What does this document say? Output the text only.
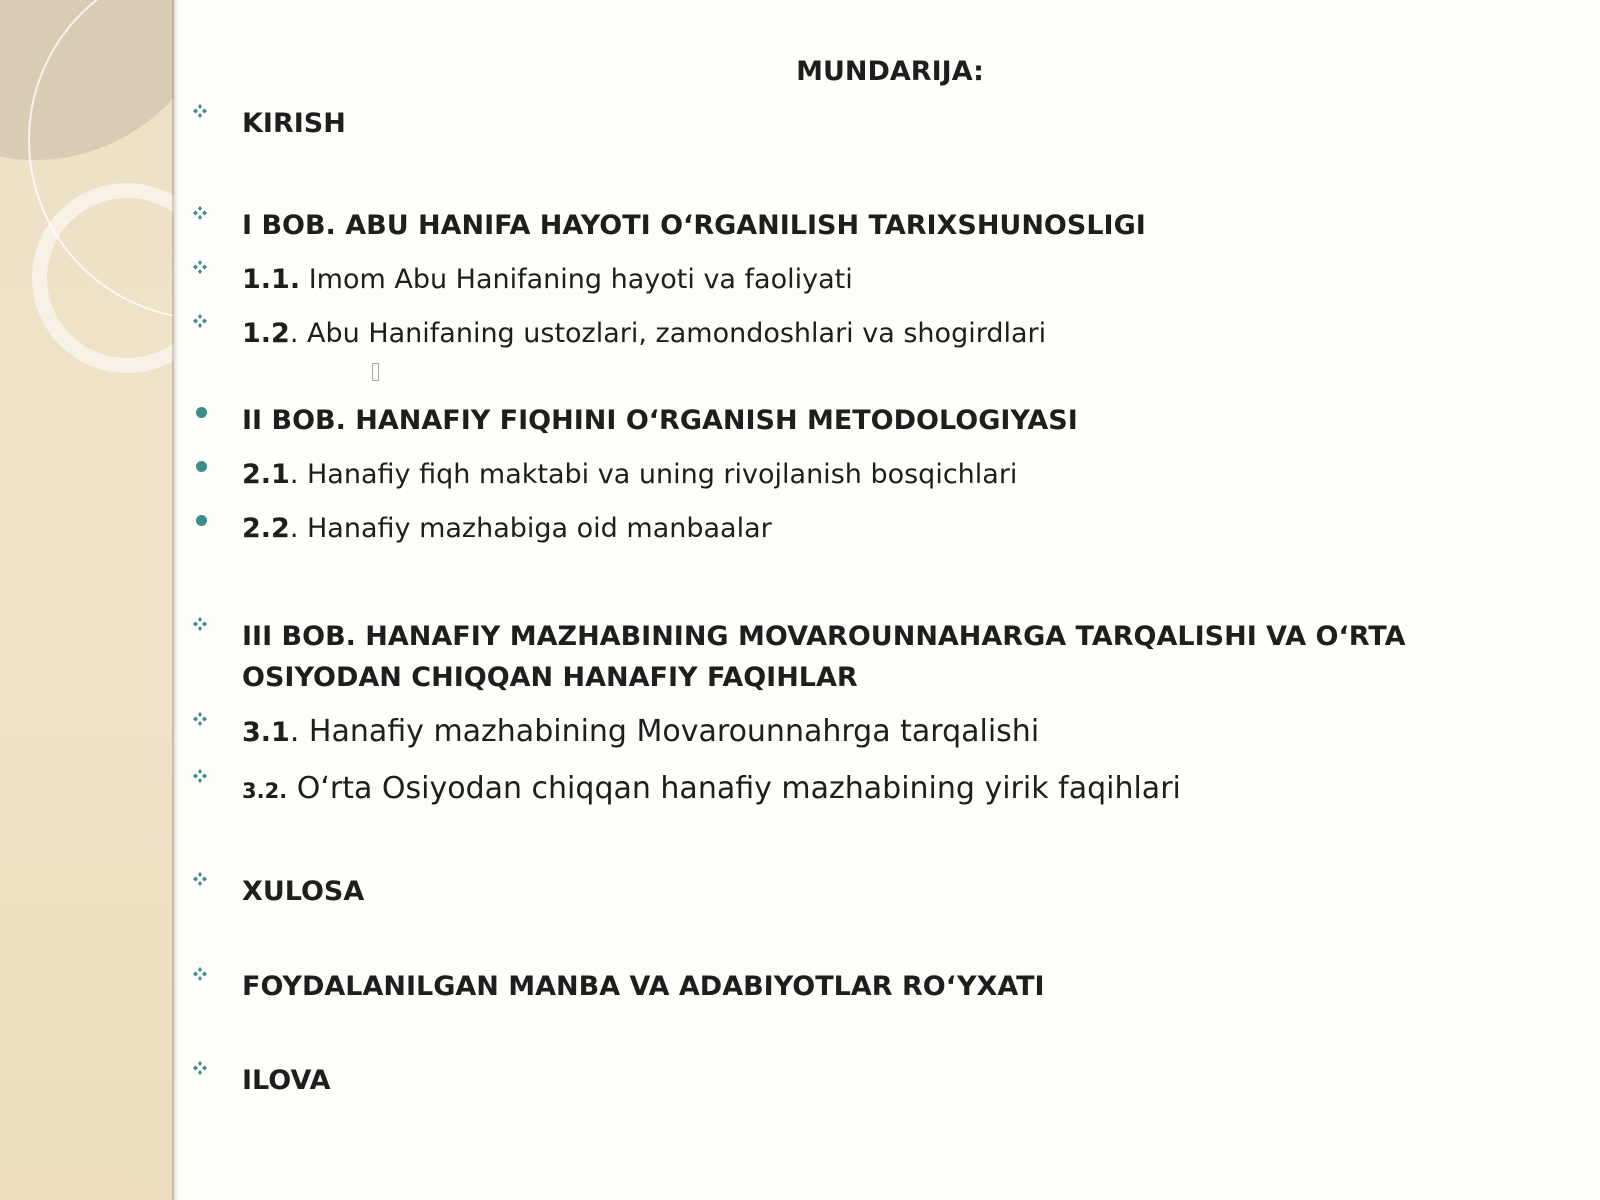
MUNDARIJA:
KIRISH
I BOB. ABU HANIFA HAYOTI O‘RGANILISH TARIXSHUNOSLIGI
1.1. Imom Abu Hanifaning hayoti va faoliyati
1.2. Abu Hanifaning ustozlari, zamondoshlari va shogirdlari
II BOB. HANAFIY FIQHINI O‘RGANISH METODOLOGIYASI
2.1. Hanafiy fiqh maktabi va uning rivojlanish bosqichlari
2.2. Hanafiy mazhabiga oid manbaalar
III BOB. HANAFIY MAZHABINING MOVAROUNNAHARGA TARQALISHI VA O‘RTA OSIYODAN CHIQQAN HANAFIY FAQIHLAR
3.1. Hanafiy mazhabining Movarounnahrga tarqalishi
3.2. O‘rta Osiyodan chiqqan hanafiy mazhabining yirik faqihlari
XULOSA
FOYDALANILGAN MANBA VA ADABIYOTLAR RO‘YXATI
ILOVA
